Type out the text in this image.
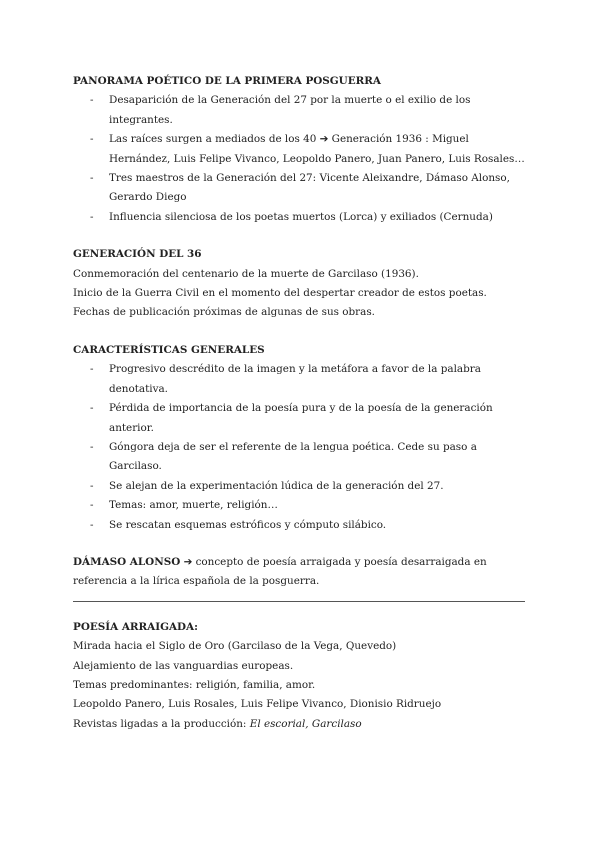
PANORAMA POÉTICO DE LA PRIMERA POSGUERRA

- Desaparición de la Generación del 27 por la muerte o el exilio de los integrantes.
- Las raíces surgen a mediados de los 40 ➔ Generación 1936 : Miguel Hernández, Luis Felipe Vivanco, Leopoldo Panero, Juan Panero, Luis Rosales…
- Tres maestros de la Generación del 27: Vicente Aleixandre, Dámaso Alonso, Gerardo Diego
- Influencia silenciosa de los poetas muertos (Lorca) y exiliados (Cernuda)

GENERACIÓN DEL 36

Conmemoración del centenario de la muerte de Garcilaso (1936).

Inicio de la Guerra Civil en el momento del despertar creador de estos poetas.

Fechas de publicación próximas de algunas de sus obras.

CARACTERÍSTICAS GENERALES

- Progresivo descrédito de la imagen y la metáfora a favor de la palabra denotativa.
- Pérdida de importancia de la poesía pura y de la poesía de la generación anterior.
- Góngora deja de ser el referente de la lengua poética. Cede su paso a Garcilaso.
- Se alejan de la experimentación lúdica de la generación del 27.
- Temas: amor, muerte, religión…
- Se rescatan esquemas estróficos y cómputo silábico.

DÁMASO ALONSO ➔ concepto de poesía arraigada y poesía desarraigada en referencia a la lírica española de la posguerra.

POESÍA ARRAIGADA:

Mirada hacia el Siglo de Oro (Garcilaso de la Vega, Quevedo)

Alejamiento de las vanguardias europeas.

Temas predominantes: religión, familia, amor.

Leopoldo Panero, Luis Rosales, Luis Felipe Vivanco, Dionisio Ridruejo

Revistas ligadas a la producción: El escorial, Garcilaso
